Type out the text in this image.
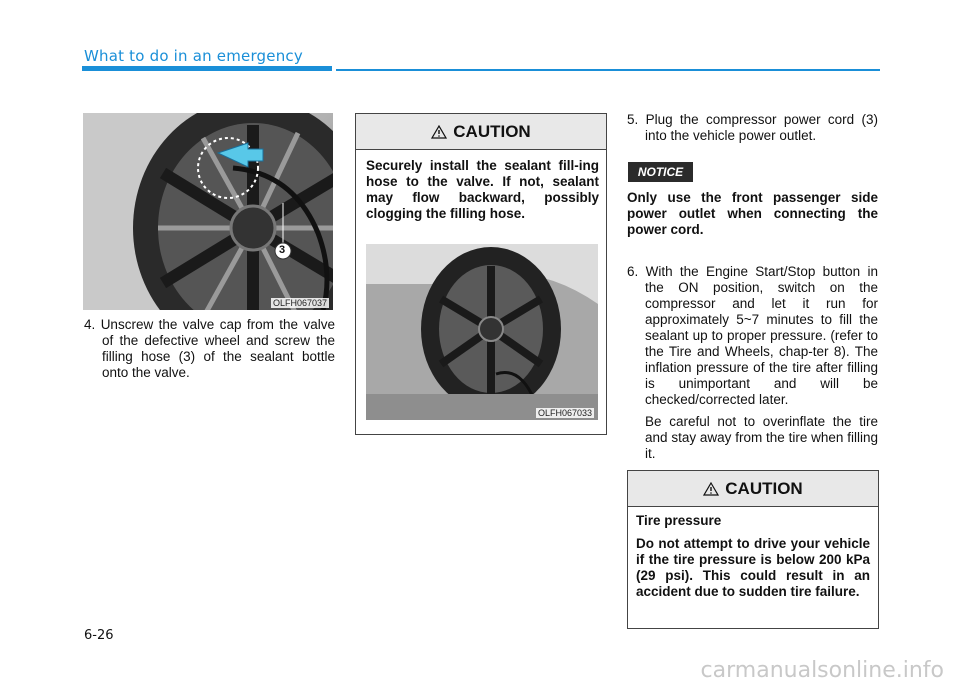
What to do in an emergency
3
OLFH067037
4. Unscrew the valve cap from the valve of the defective wheel and screw the filling hose (3) of the sealant bottle onto the valve.
CAUTION
Securely install the sealant fill-ing hose to the valve. If not, sealant may flow backward, possibly clogging the filling hose.
OLFH067033
5. Plug the compressor power cord (3) into the vehicle power outlet.
NOTICE
Only use the front passenger side power outlet when connecting the power cord.
6. With the Engine Start/Stop button in the ON position, switch on the compressor and let it run for approximately 5~7 minutes to fill the sealant up to proper pressure. (refer to the Tire and Wheels, chap-ter 8). The inflation pressure of the tire after filling is unimportant and will be checked/corrected later.
Be careful not to overinflate the tire and stay away from the tire when filling it.
CAUTION
Tire pressure
Do not attempt to drive your vehicle if the tire pressure is below 200 kPa (29 psi). This could result in an accident due to sudden tire failure.
6-26
carmanualsonline.info
